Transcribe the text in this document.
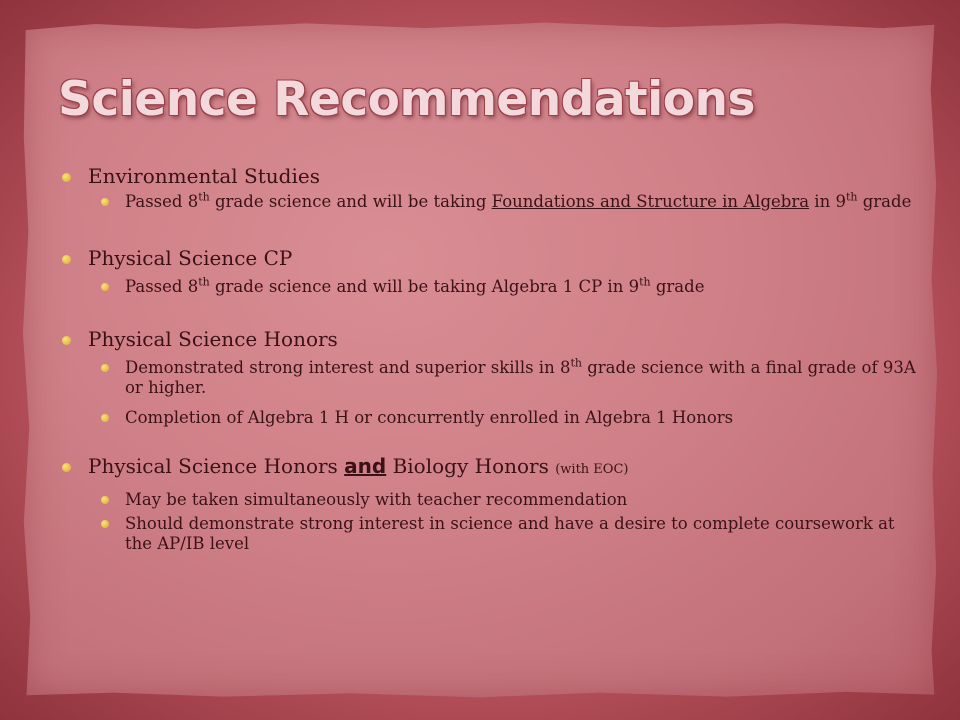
Science Recommendations

Environmental Studies

Passed 8th grade science and will be taking Foundations and Structure in Algebra in 9th grade

Physical Science CP

Passed 8th grade science and will be taking Algebra 1 CP in 9th grade

Physical Science Honors

Demonstrated strong interest and superior skills in 8th grade science with a final grade of 93A or higher.

Completion of Algebra 1 H or concurrently enrolled in Algebra 1 Honors

Physical Science Honors and Biology Honors (with EOC)

May be taken simultaneously with teacher recommendation

Should demonstrate strong interest in science and have a desire to complete coursework at the AP/IB level
